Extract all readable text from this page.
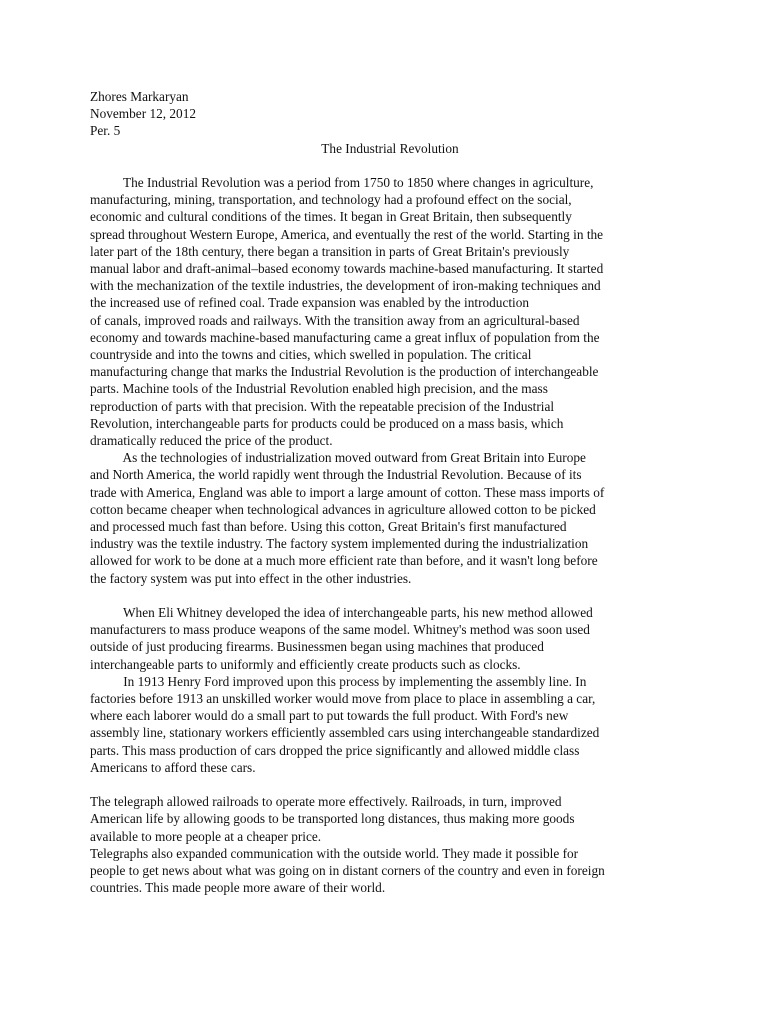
Zhores Markaryan
November 12, 2012
Per. 5
The Industrial Revolution
The Industrial Revolution was a period from 1750 to 1850 where changes in agriculture,
manufacturing, mining, transportation, and technology had a profound effect on the social,
economic and cultural conditions of the times. It began in Great Britain, then subsequently
spread throughout Western Europe, America, and eventually the rest of the world. Starting in the
later part of the 18th century, there began a transition in parts of Great Britain's previously
manual labor and draft-animal–based economy towards machine-based manufacturing. It started
with the mechanization of the textile industries, the development of iron-making techniques and
the increased use of refined coal. Trade expansion was enabled by the introduction
of canals, improved roads and railways. With the transition away from an agricultural-based
economy and towards machine-based manufacturing came a great influx of population from the
countryside and into the towns and cities, which swelled in population. The critical
manufacturing change that marks the Industrial Revolution is the production of interchangeable
parts. Machine tools of the Industrial Revolution enabled high precision, and the mass
reproduction of parts with that precision. With the repeatable precision of the Industrial
Revolution, interchangeable parts for products could be produced on a mass basis, which
dramatically reduced the price of the product.
As the technologies of industrialization moved outward from Great Britain into Europe
and North America, the world rapidly went through the Industrial Revolution. Because of its
trade with America, England was able to import a large amount of cotton. These mass imports of
cotton became cheaper when technological advances in agriculture allowed cotton to be picked
and processed much fast than before. Using this cotton, Great Britain's first manufactured
industry was the textile industry. The factory system implemented during the industrialization
allowed for work to be done at a much more efficient rate than before, and it wasn't long before
the factory system was put into effect in the other industries.
When Eli Whitney developed the idea of interchangeable parts, his new method allowed
manufacturers to mass produce weapons of the same model. Whitney's method was soon used
outside of just producing firearms. Businessmen began using machines that produced
interchangeable parts to uniformly and efficiently create products such as clocks.
In 1913 Henry Ford improved upon this process by implementing the assembly line. In
factories before 1913 an unskilled worker would move from place to place in assembling a car,
where each laborer would do a small part to put towards the full product. With Ford's new
assembly line, stationary workers efficiently assembled cars using interchangeable standardized
parts. This mass production of cars dropped the price significantly and allowed middle class
Americans to afford these cars.
The telegraph allowed railroads to operate more effectively. Railroads, in turn, improved
American life by allowing goods to be transported long distances, thus making more goods
available to more people at a cheaper price.
Telegraphs also expanded communication with the outside world. They made it possible for
people to get news about what was going on in distant corners of the country and even in foreign
countries. This made people more aware of their world.
